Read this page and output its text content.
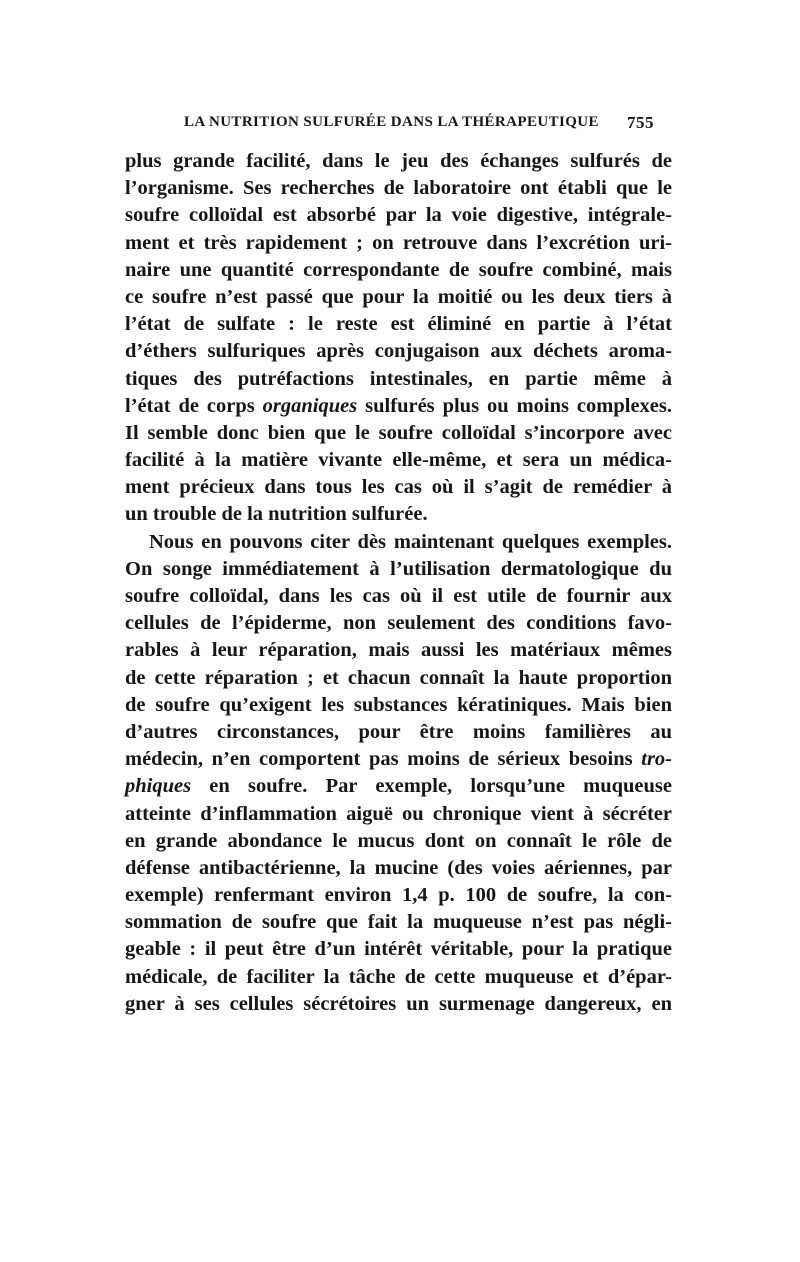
LA NUTRITION SULFURÉE DANS LA THÉRAPEUTIQUE 755
plus grande facilité, dans le jeu des échanges sulfurés de
l’organisme. Ses recherches de laboratoire ont établi que le
soufre colloïdal est absorbé par la voie digestive, intégrale-
ment et très rapidement ; on retrouve dans l’excrétion uri-
naire une quantité correspondante de soufre combiné, mais
ce soufre n’est passé que pour la moitié ou les deux tiers à
l’état de sulfate : le reste est éliminé en partie à l’état
d’éthers sulfuriques après conjugaison aux déchets aroma-
tiques des putréfactions intestinales, en partie même à
l’état de corps organiques sulfurés plus ou moins complexes.
Il semble donc bien que le soufre colloïdal s’incorpore avec
facilité à la matière vivante elle-même, et sera un médica-
ment précieux dans tous les cas où il s’agit de remédier à
un trouble de la nutrition sulfurée.
Nous en pouvons citer dès maintenant quelques exemples.
On songe immédiatement à l’utilisation dermatologique du
soufre colloïdal, dans les cas où il est utile de fournir aux
cellules de l’épiderme, non seulement des conditions favo-
rables à leur réparation, mais aussi les matériaux mêmes
de cette réparation ; et chacun connaît la haute proportion
de soufre qu’exigent les substances kératiniques. Mais bien
d’autres circonstances, pour être moins familières au
médecin, n’en comportent pas moins de sérieux besoins tro-
phiques en soufre. Par exemple, lorsqu’une muqueuse
atteinte d’inflammation aiguë ou chronique vient à sécréter
en grande abondance le mucus dont on connaît le rôle de
défense antibactérienne, la mucine (des voies aériennes, par
exemple) renfermant environ 1,4 p. 100 de soufre, la con-
sommation de soufre que fait la muqueuse n’est pas négli-
geable : il peut être d’un intérêt véritable, pour la pratique
médicale, de faciliter la tâche de cette muqueuse et d’épar-
gner à ses cellules sécrétoires un surmenage dangereux, en
